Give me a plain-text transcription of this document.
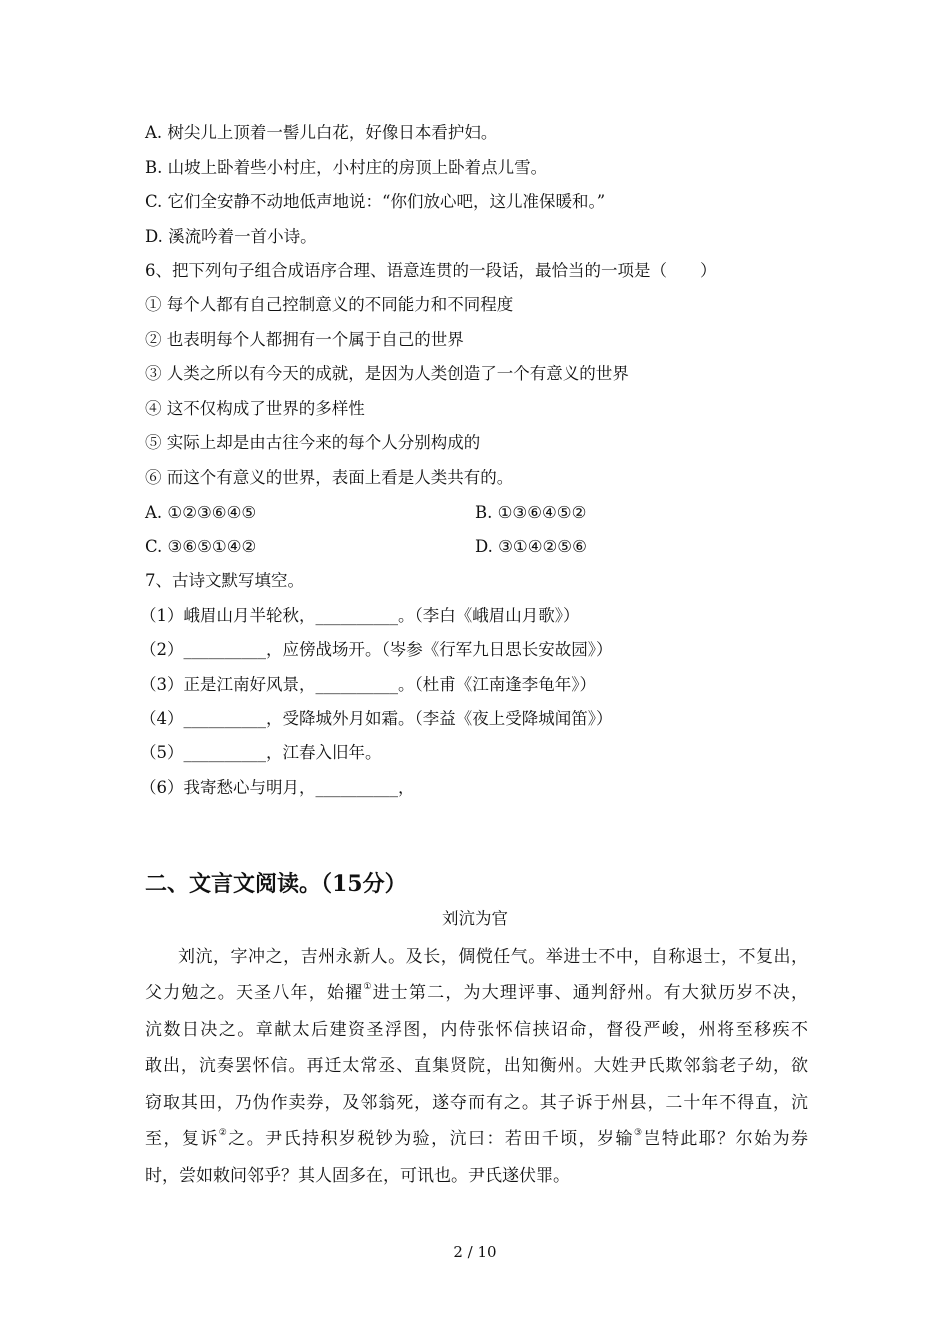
A. 树尖儿上顶着一髻儿白花，好像日本看护妇。
B. 山坡上卧着些小村庄，小村庄的房顶上卧着点儿雪。
C. 它们全安静不动地低声地说：“你们放心吧，这儿准保暖和。”
D. 溪流吟着一首小诗。
6、把下列句子组合成语序合理、语意连贯的一段话，最恰当的一项是（　　）
① 每个人都有自己控制意义的不同能力和不同程度
② 也表明每个人都拥有一个属于自己的世界
③ 人类之所以有今天的成就，是因为人类创造了一个有意义的世界
④ 这不仅构成了世界的多样性
⑤ 实际上却是由古往今来的每个人分别构成的
⑥ 而这个有意义的世界，表面上看是人类共有的。
A. ①②③⑥④⑤	B. ①③⑥④⑤②
C. ③⑥⑤①④②	D. ③①④②⑤⑥
7、古诗文默写填空。
（1）峨眉山月半轮秋，__________。（李白《峨眉山月歌》）
（2）__________，应傍战场开。（岑参《行军九日思长安故园》）
（3）正是江南好风景，__________。（杜甫《江南逢李龟年》）
（4）__________，受降城外月如霜。（李益《夜上受降城闻笛》）
（5）__________，江春入旧年。
（6）我寄愁心与明月，__________，
二、文言文阅读。（15分）
刘沆为官
刘沆，字冲之，吉州永新人。及长，倜傥任气。举进士不中，自称退士，不复出，
父力勉之。天圣八年，始擢①进士第二，为大理评事、通判舒州。有大狱历岁不决，
沆数日决之。章献太后建资圣浮图，内侍张怀信挟诏命，督役严峻，州将至移疾不
敢出，沆奏罢怀信。再迁太常丞、直集贤院，出知衡州。大姓尹氏欺邻翁老子幼，欲
窃取其田，乃伪作卖券，及邻翁死，遂夺而有之。其子诉于州县，二十年不得直，沆
至，复诉②之。尹氏持积岁税钞为验，沆曰：若田千顷，岁输③岂特此耶？尔始为券
时，尝如敕问邻乎？其人固多在，可讯也。尹氏遂伏罪。
2 / 10
